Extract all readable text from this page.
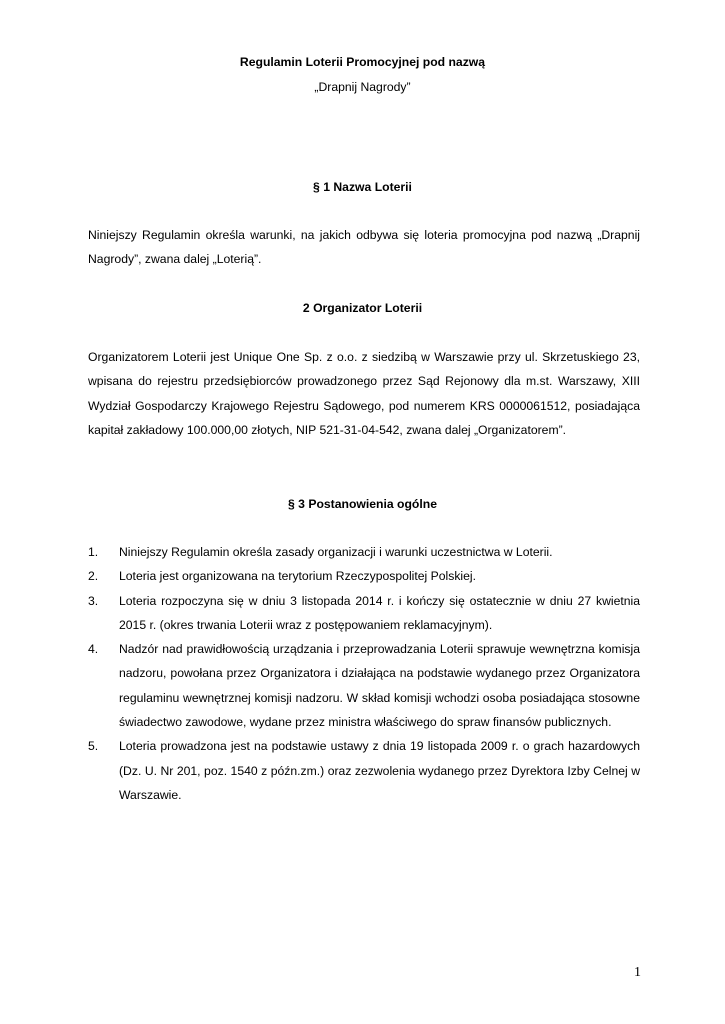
Regulamin Loterii Promocyjnej pod nazwą
„Drapnij Nagrody”
§ 1 Nazwa Loterii

Niniejszy Regulamin określa warunki, na jakich odbywa się loteria promocyjna pod nazwą „Drapnij Nagrody”, zwana dalej „Loterią”.

2 Organizator Loterii

Organizatorem Loterii jest Unique One Sp. z o.o. z siedzibą w Warszawie przy ul. Skrzetuskiego 23, wpisana do rejestru przedsiębiorców prowadzonego przez Sąd Rejonowy dla m.st. Warszawy, XIII Wydział Gospodarczy Krajowego Rejestru Sądowego, pod numerem KRS 0000061512, posiadająca kapitał zakładowy 100.000,00 złotych, NIP 521-31-04-542, zwana dalej „Organizatorem”.

§ 3 Postanowienia ogólne
1. Niniejszy Regulamin określa zasady organizacji i warunki uczestnictwa w Loterii.
2. Loteria jest organizowana na terytorium Rzeczypospolitej Polskiej.
3. Loteria rozpoczyna się w dniu 3 listopada 2014 r. i kończy się ostatecznie w dniu 27 kwietnia 2015 r. (okres trwania Loterii wraz z postępowaniem reklamacyjnym).
4. Nadzór nad prawidłowością urządzania i przeprowadzania Loterii sprawuje wewnętrzna komisja nadzoru, powołana przez Organizatora i działająca na podstawie wydanego przez Organizatora regulaminu wewnętrznej komisji nadzoru. W skład komisji wchodzi osoba posiadająca stosowne świadectwo zawodowe, wydane przez ministra właściwego do spraw finansów publicznych.
5. Loteria prowadzona jest na podstawie ustawy z dnia 19 listopada 2009 r. o grach hazardowych (Dz. U. Nr 201, poz. 1540 z późn.zm.) oraz zezwolenia wydanego przez Dyrektora Izby Celnej w Warszawie.
1
